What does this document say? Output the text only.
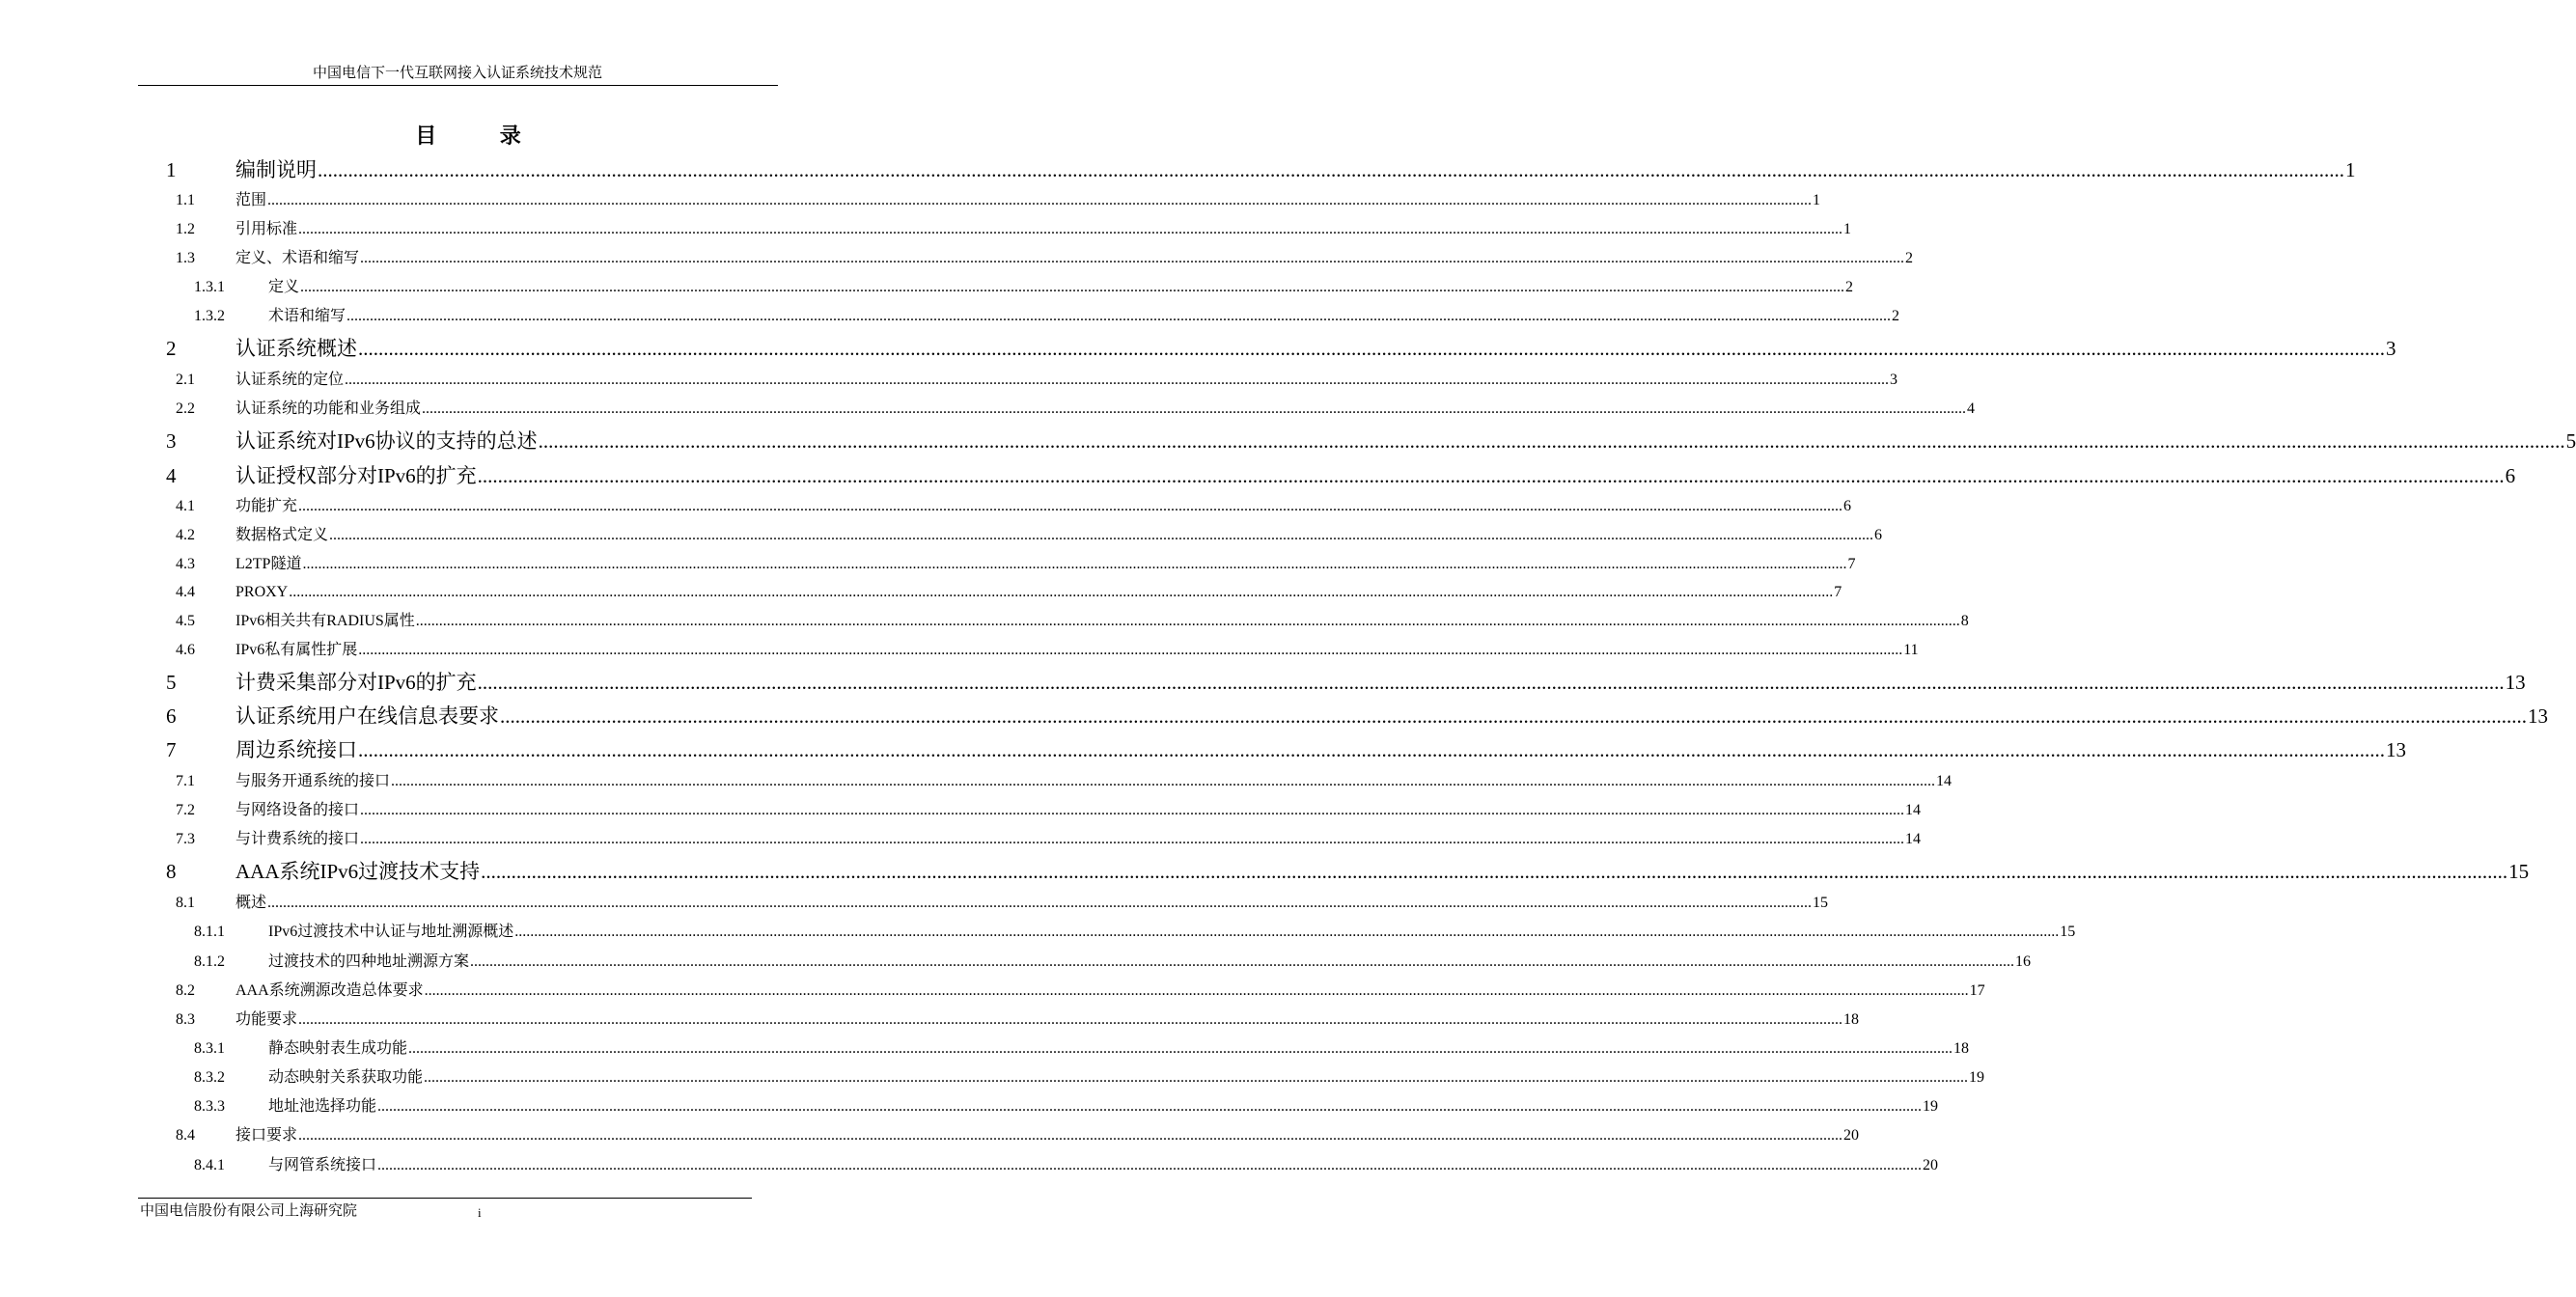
中国电信下一代互联网接入认证系统技术规范
目 录
1	编制说明 ................................................................................................................................................................................................................................................................................................................................................................................................................ 1
1.1	范围 ................................................................................................................................................................................................................................................................................................................................................................................................................ 1
1.2	引用标准 ................................................................................................................................................................................................................................................................................................................................................................................................................ 1
1.3	定义、术语和缩写 ................................................................................................................................................................................................................................................................................................................................................................................................................ 2
1.3.1	定义 ................................................................................................................................................................................................................................................................................................................................................................................................................ 2
1.3.2	术语和缩写 ................................................................................................................................................................................................................................................................................................................................................................................................................ 2
2	认证系统概述 ................................................................................................................................................................................................................................................................................................................................................................................................................ 3
2.1	认证系统的定位 ................................................................................................................................................................................................................................................................................................................................................................................................................ 3
2.2	认证系统的功能和业务组成 ................................................................................................................................................................................................................................................................................................................................................................................................................ 4
3	认证系统对IPv6协议的支持的总述 ................................................................................................................................................................................................................................................................................................................................................................................................................ 5
4	认证授权部分对IPv6的扩充 ................................................................................................................................................................................................................................................................................................................................................................................................................ 6
4.1	功能扩充 ................................................................................................................................................................................................................................................................................................................................................................................................................ 6
4.2	数据格式定义 ................................................................................................................................................................................................................................................................................................................................................................................................................ 6
4.3	L2TP隧道 ................................................................................................................................................................................................................................................................................................................................................................................................................ 7
4.4	PROXY ................................................................................................................................................................................................................................................................................................................................................................................................................ 7
4.5	IPv6相关共有RADIUS属性 ................................................................................................................................................................................................................................................................................................................................................................................................................ 8
4.6	IPv6私有属性扩展 ................................................................................................................................................................................................................................................................................................................................................................................................................ 11
5	计费采集部分对IPv6的扩充 ................................................................................................................................................................................................................................................................................................................................................................................................................ 13
6	认证系统用户在线信息表要求 ................................................................................................................................................................................................................................................................................................................................................................................................................ 13
7	周边系统接口 ................................................................................................................................................................................................................................................................................................................................................................................................................ 13
7.1	与服务开通系统的接口 ................................................................................................................................................................................................................................................................................................................................................................................................................ 14
7.2	与网络设备的接口 ................................................................................................................................................................................................................................................................................................................................................................................................................ 14
7.3	与计费系统的接口 ................................................................................................................................................................................................................................................................................................................................................................................................................ 14
8	AAA系统IPv6过渡技术支持 ................................................................................................................................................................................................................................................................................................................................................................................................................ 15
8.1	概述 ................................................................................................................................................................................................................................................................................................................................................................................................................ 15
8.1.1	IPv6过渡技术中认证与地址溯源概述 ................................................................................................................................................................................................................................................................................................................................................................................................................ 15
8.1.2	过渡技术的四种地址溯源方案 ................................................................................................................................................................................................................................................................................................................................................................................................................ 16
8.2	AAA系统溯源改造总体要求 ................................................................................................................................................................................................................................................................................................................................................................................................................ 17
8.3	功能要求 ................................................................................................................................................................................................................................................................................................................................................................................................................ 18
8.3.1	静态映射表生成功能 ................................................................................................................................................................................................................................................................................................................................................................................................................ 18
8.3.2	动态映射关系获取功能 ................................................................................................................................................................................................................................................................................................................................................................................................................ 19
8.3.3	地址池选择功能 ................................................................................................................................................................................................................................................................................................................................................................................................................ 19
8.4	接口要求 ................................................................................................................................................................................................................................................................................................................................................................................................................ 20
8.4.1	与网管系统接口 ................................................................................................................................................................................................................................................................................................................................................................................................................ 20
中国电信股份有限公司上海研究院	i
